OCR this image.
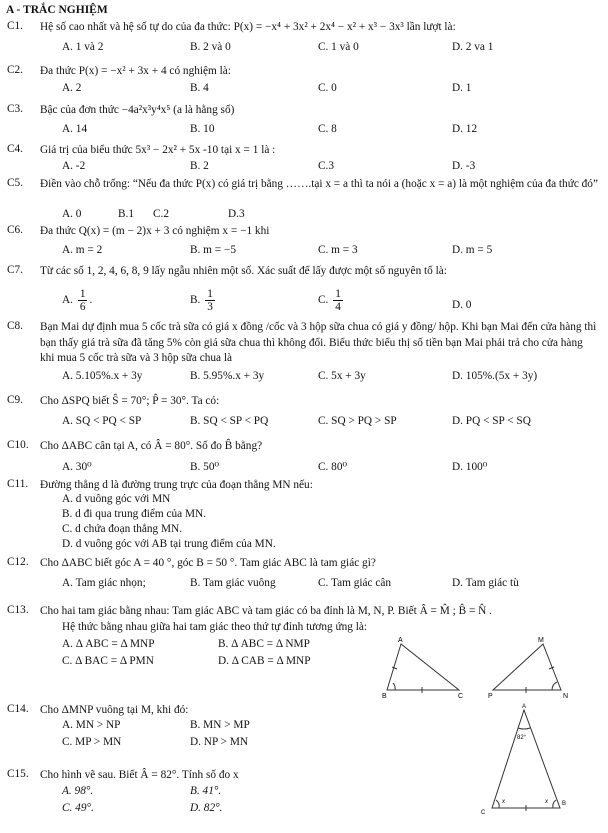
A - TRẮC NGHIỆM
C1. Hệ số cao nhất và hệ số tự do của đa thức: P(x) = −x⁴ + 3x² + 2x⁴ − x² + x³ − 3x³ lần lượt là:
A. 1 và 2	B. 2 và 0	C. 1 và 0	D. 2 va 1
C2. Đa thức P(x) = −x² + 3x + 4 có nghiệm là:
A. 2	B. 4	C. 0	D. 1
C3. Bậc của đơn thức −4a²x³y⁴x⁵ (a là hằng số)
A. 14	B. 10	C. 8	D. 12
C4. Giá trị của biểu thức 5x³ − 2x² + 5x -10 tại x = 1 là :
A. -2	B. 2	C.3	D. -3
C5. Điền vào chỗ trống: “Nếu đa thức P(x) có giá trị bằng …….tại x = a thì ta nói a (hoặc x = a) là một nghiệm của đa thức đó”
A. 0	B.1 C.2	D.3
C6. Đa thức Q(x) = (m − 2)x + 3 có nghiệm x = −1 khi
A. m = 2	B. m = −5	C. m = 3	D. m = 5
C7. Từ các số 1, 2, 4, 6, 8, 9 lấy ngẫu nhiên một số. Xác suất để lấy được một số nguyên tố là:
A. $\frac{1}{6}$ .	B. $\frac{1}{3}$	C. $\frac{1}{4}$	D. 0
C8. Bạn Mai dự định mua 5 cốc trà sữa có giá x đồng /cốc và 3 hộp sữa chua có giá y đồng/ hộp. Khi bạn Mai đến cửa hàng thì bạn thấy giá trà sữa đã tăng 5% còn giá sữa chua thì không đổi. Biểu thức biểu thị số tiền bạn Mai phải trả cho cửa hàng khi mua 5 cốc trà sữa và 3 hộp sữa chua là
A. 5.105%.x + 3y	B. 5.95%.x + 3y	C. 5x + 3y	D. 105%.(5x + 3y)
C9. Cho ΔSPQ biết Ŝ = 70°; P̂ = 30°. Ta có:
A. SQ < PQ < SP	B. SQ < SP < PQ	C. SQ > PQ > SP	D. PQ < SP < SQ
C10. Cho ΔABC cân tại A, có Â = 80°. Số đo B̂ bằng?
A. 30⁰	B. 50⁰	C. 80⁰	D. 100⁰
C11. Đường thẳng d là đường trung trực của đoạn thẳng MN nếu:
A. d vuông góc với MN
B. d đi qua trung điểm của MN.
C. d chứa đoạn thẳng MN.
D. d vuông góc với AB tại trung điểm của MN.
C12. Cho ΔABC biết góc A = 40 °, góc B = 50 °. Tam giác ABC là tam giác gì?
A. Tam giác nhọn;	B. Tam giác vuông	C. Tam giác cân	D. Tam giác tù
C13. Cho hai tam giác bằng nhau: Tam giác ABC và tam giác có ba đỉnh là M, N, P. Biết Â = M̂ ; B̂ = N̂ .
Hệ thức bằng nhau giữa hai tam giác theo thứ tự đỉnh tương ứng là:
A. Δ ABC = Δ MNP	B. Δ ABC = Δ NMP
C. Δ BAC = Δ PMN	D. Δ CAB = Δ MNP
A
B	C
M
P	N
C14. Cho ΔMNP vuông tại M, khi đó:
A. MN > NP	B. MN > MP
C. MP > MN	D. NP > MN
C15. Cho hình vẽ sau. Biết Â = 82°. Tính số đo x
A. 98°.	B. 41°.
C. 49°.	D. 82°.
A
B
C
82°
x	x
